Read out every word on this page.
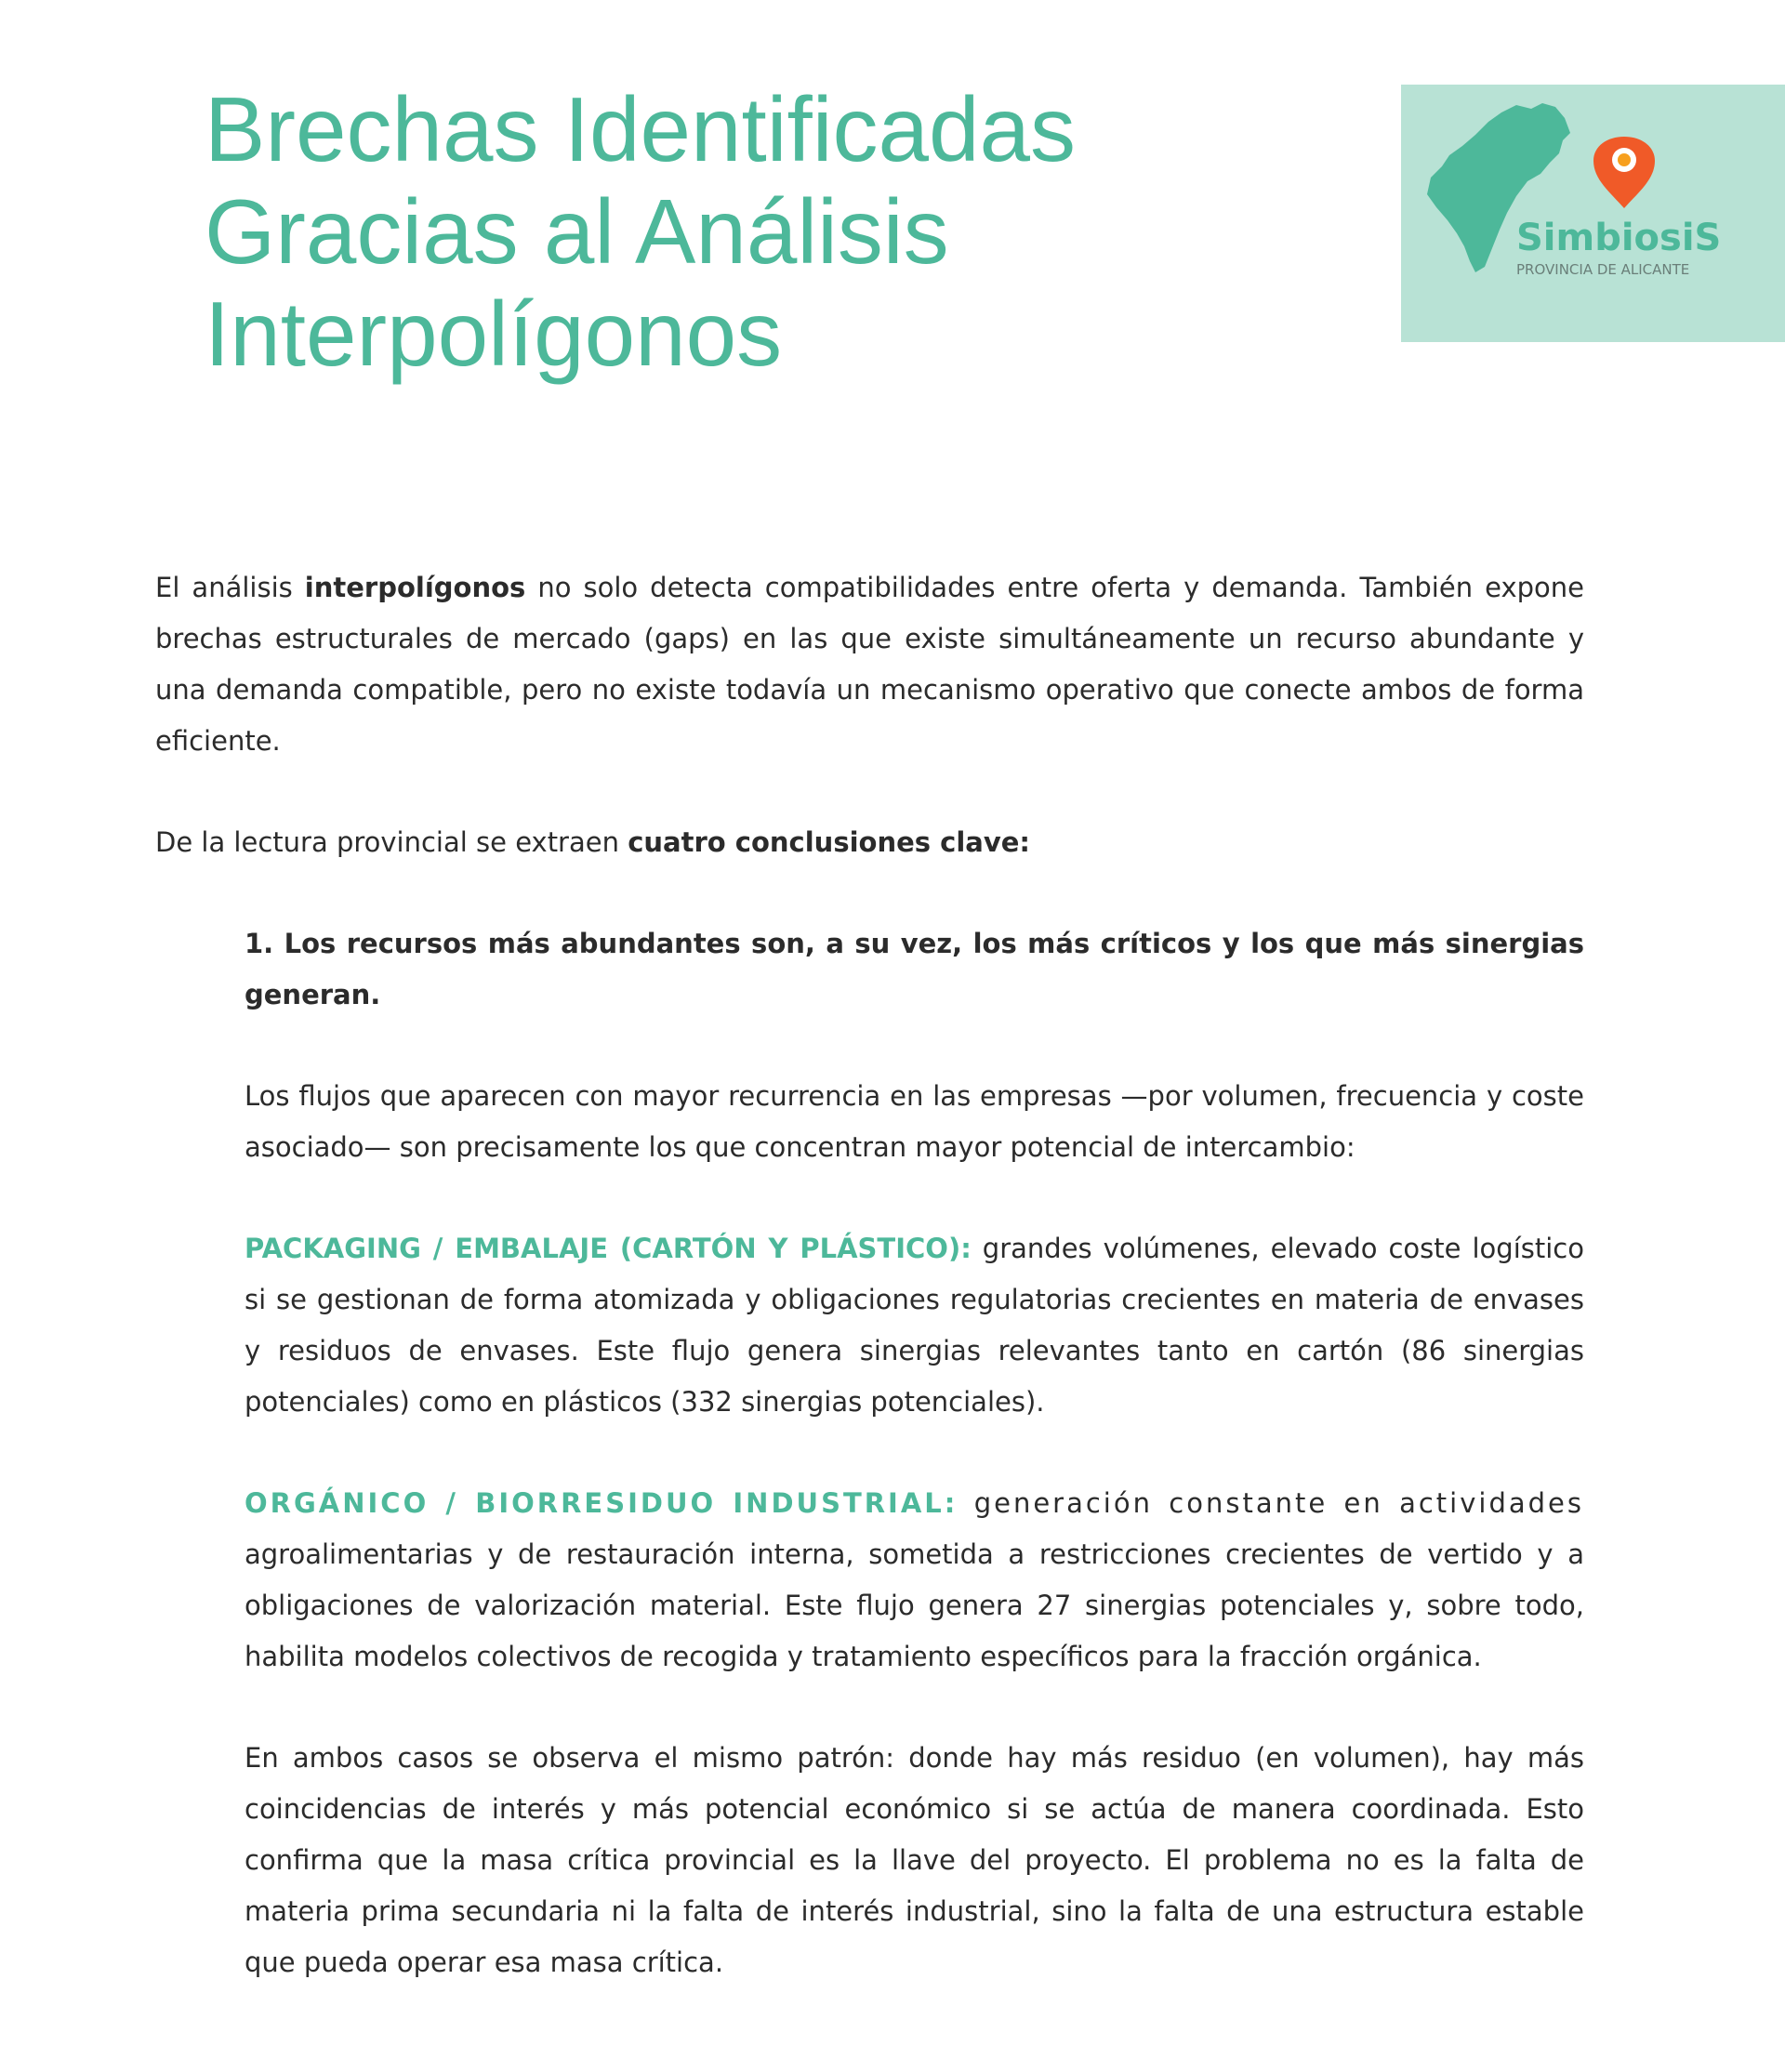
Brechas Identificadas
Gracias al Análisis
Interpolígonos
SimbiosiS
PROVINCIA DE ALICANTE

El análisis interpolígonos no solo detecta compatibilidades entre oferta y demanda. También expone brechas estructurales de mercado (gaps) en las que existe simultáneamente un recurso abundante y una demanda compatible, pero no existe todavía un mecanismo operativo que conecte ambos de forma eficiente.

De la lectura provincial se extraen cuatro conclusiones clave:

1. Los recursos más abundantes son, a su vez, los más críticos y los que más sinergias generan.

Los flujos que aparecen con mayor recurrencia en las empresas —por volumen, frecuencia y coste asociado— son precisamente los que concentran mayor potencial de intercambio:

PACKAGING / EMBALAJE (CARTÓN Y PLÁSTICO): grandes volúmenes, elevado coste logístico si se gestionan de forma atomizada y obligaciones regulatorias crecientes en materia de envases y residuos de envases. Este flujo genera sinergias relevantes tanto en cartón (86 sinergias potenciales) como en plásticos (332 sinergias potenciales).

ORGÁNICO / BIORRESIDUO INDUSTRIAL: generación constante en actividades agroalimentarias y de restauración interna, sometida a restricciones crecientes de vertido y a obligaciones de valorización material. Este flujo genera 27 sinergias potenciales y, sobre todo, habilita modelos colectivos de recogida y tratamiento específicos para la fracción orgánica.

En ambos casos se observa el mismo patrón: donde hay más residuo (en volumen), hay más coincidencias de interés y más potencial económico si se actúa de manera coordinada. Esto confirma que la masa crítica provincial es la llave del proyecto. El problema no es la falta de materia prima secundaria ni la falta de interés industrial, sino la falta de una estructura estable que pueda operar esa masa crítica.
